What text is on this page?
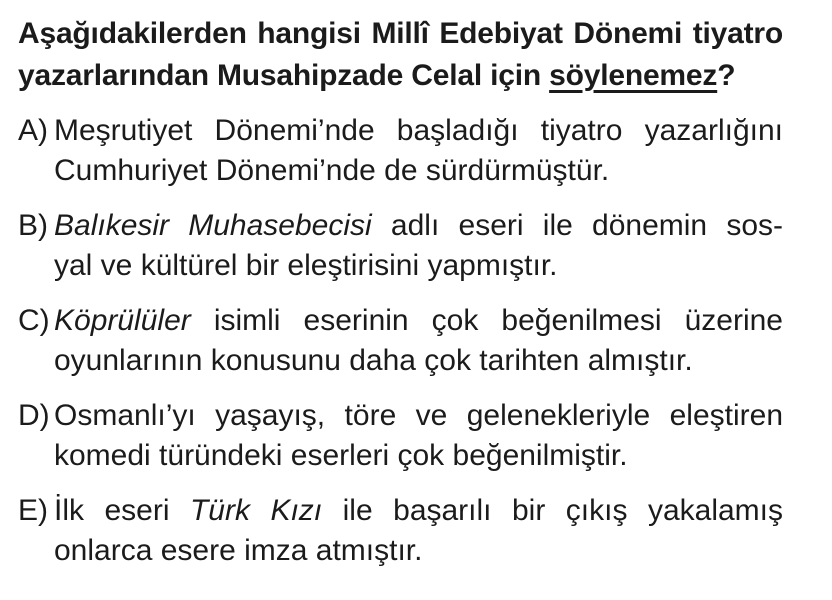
Aşağıdakilerden hangisi Millî Edebiyat Dönemi tiyatro
yazarlarından Musahipzade Celal için söylenemez?
A) Meşrutiyet Dönemi’nde başladığı tiyatro yazarlığını
Cumhuriyet Dönemi’nde de sürdürmüştür.
B) Balıkesir Muhasebecisi adlı eseri ile dönemin sos-
yal ve kültürel bir eleştirisini yapmıştır.
C) Köprülüler isimli eserinin çok beğenilmesi üzerine
oyunlarının konusunu daha çok tarihten almıştır.
D) Osmanlı’yı yaşayış, töre ve gelenekleriyle eleştiren
komedi türündeki eserleri çok beğenilmiştir.
E) İlk eseri Türk Kızı ile başarılı bir çıkış yakalamış
onlarca esere imza atmıştır.
